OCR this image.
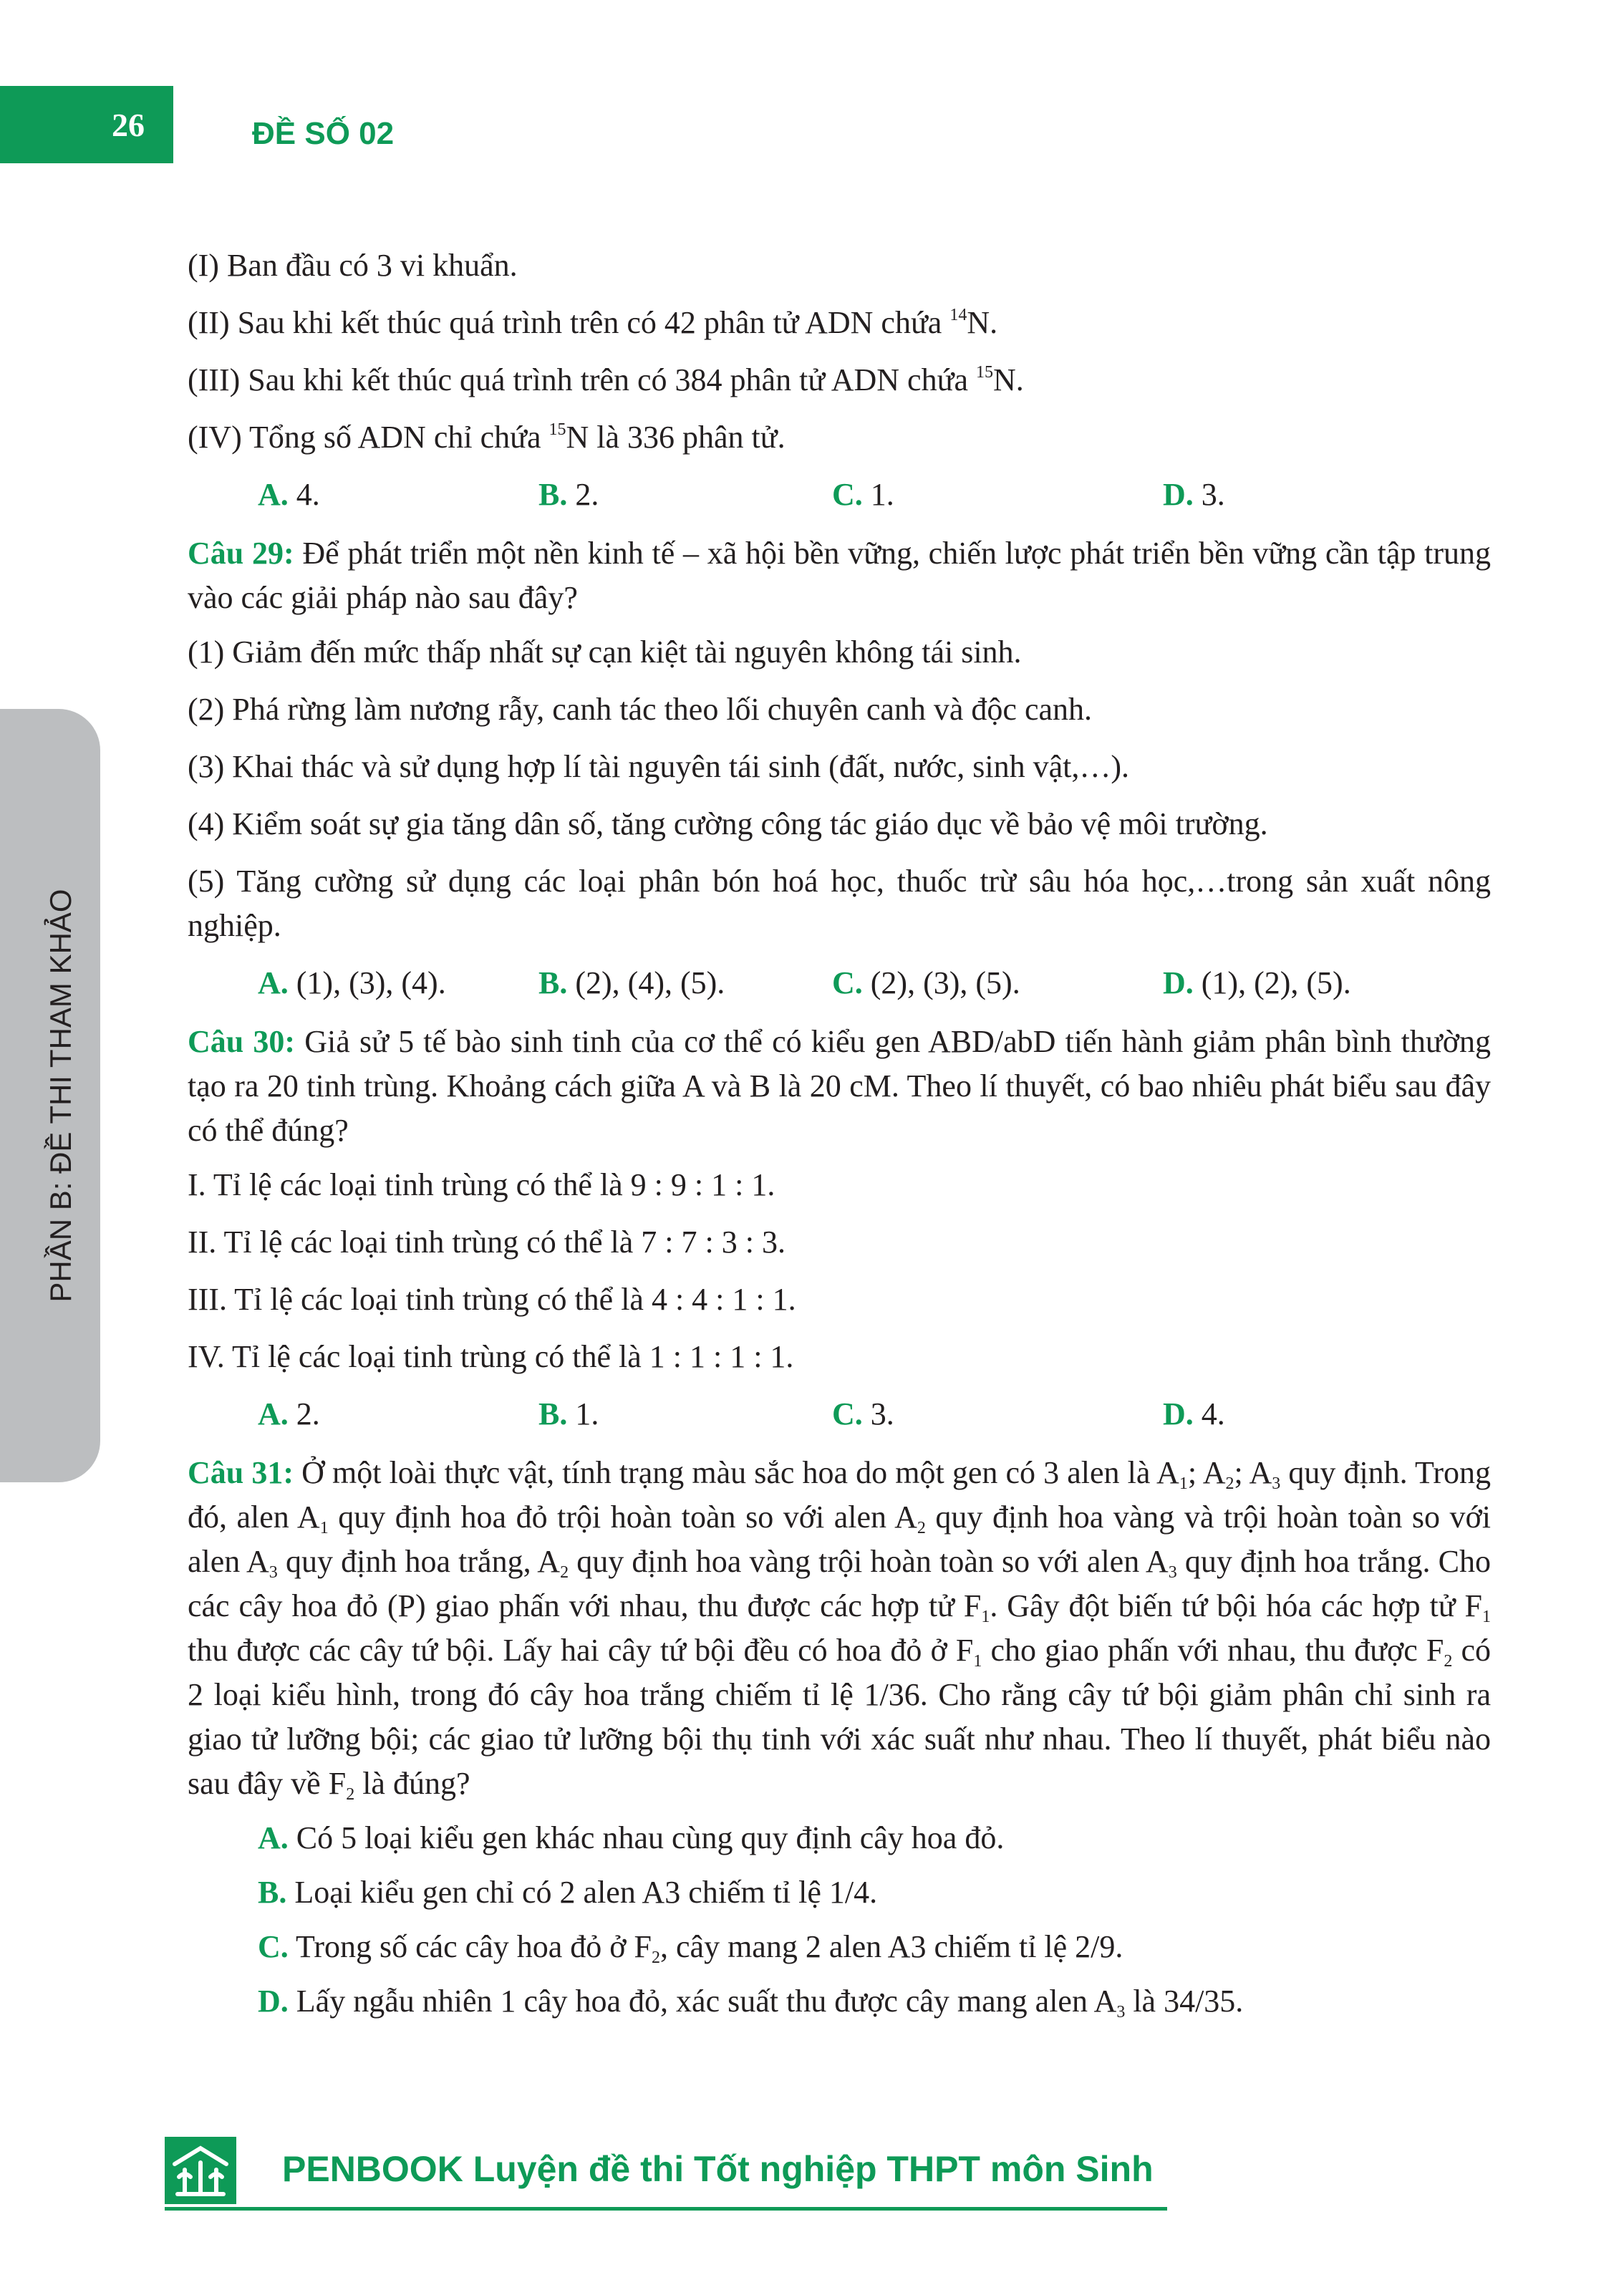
26	ĐỀ SỐ 02
PHẦN B: ĐỀ THI THAM KHẢO
(I) Ban đầu có 3 vi khuẩn.
(II) Sau khi kết thúc quá trình trên có 42 phân tử ADN chứa $^{14}$N.
(III) Sau khi kết thúc quá trình trên có 384 phân tử ADN chứa $^{15}$N.
(IV) Tổng số ADN chỉ chứa $^{15}$N là 336 phân tử.
A. 4.	B. 2.	C. 1.	D. 3.
Câu 29: Để phát triển một nền kinh tế – xã hội bền vững, chiến lược phát triển bền vững cần tập trung vào các giải pháp nào sau đây?
(1) Giảm đến mức thấp nhất sự cạn kiệt tài nguyên không tái sinh.
(2) Phá rừng làm nương rẫy, canh tác theo lối chuyên canh và độc canh.
(3) Khai thác và sử dụng hợp lí tài nguyên tái sinh (đất, nước, sinh vật,…).
(4) Kiểm soát sự gia tăng dân số, tăng cường công tác giáo dục về bảo vệ môi trường.
(5) Tăng cường sử dụng các loại phân bón hoá học, thuốc trừ sâu hóa học,…trong sản xuất nông nghiệp.
A. (1), (3), (4).	B. (2), (4), (5).	C. (2), (3), (5).	D. (1), (2), (5).
Câu 30: Giả sử 5 tế bào sinh tinh của cơ thể có kiểu gen ABD/abD tiến hành giảm phân bình thường tạo ra 20 tinh trùng. Khoảng cách giữa A và B là 20 cM. Theo lí thuyết, có bao nhiêu phát biểu sau đây có thể đúng?
I. Tỉ lệ các loại tinh trùng có thể là 9 : 9 : 1 : 1.
II. Tỉ lệ các loại tinh trùng có thể là 7 : 7 : 3 : 3.
III. Tỉ lệ các loại tinh trùng có thể là 4 : 4 : 1 : 1.
IV. Tỉ lệ các loại tinh trùng có thể là 1 : 1 : 1 : 1.
A. 2.	B. 1.	C. 3.	D. 4.
Câu 31: Ở một loài thực vật, tính trạng màu sắc hoa do một gen có 3 alen là $A_1$; $A_2$; $A_3$ quy định. Trong đó, alen $A_1$ quy định hoa đỏ trội hoàn toàn so với alen $A_2$ quy định hoa vàng và trội hoàn toàn so với alen $A_3$ quy định hoa trắng, $A_2$ quy định hoa vàng trội hoàn toàn so với alen $A_3$ quy định hoa trắng. Cho các cây hoa đỏ (P) giao phấn với nhau, thu được các hợp tử $F_1$. Gây đột biến tứ bội hóa các hợp tử $F_1$ thu được các cây tứ bội. Lấy hai cây tứ bội đều có hoa đỏ ở $F_1$ cho giao phấn với nhau, thu được $F_2$ có 2 loại kiểu hình, trong đó cây hoa trắng chiếm tỉ lệ 1/36. Cho rằng cây tứ bội giảm phân chỉ sinh ra giao tử lưỡng bội; các giao tử lưỡng bội thụ tinh với xác suất như nhau. Theo lí thuyết, phát biểu nào sau đây về $F_2$ là đúng?
A. Có 5 loại kiểu gen khác nhau cùng quy định cây hoa đỏ.
B. Loại kiểu gen chỉ có 2 alen A3 chiếm tỉ lệ 1/4.
C. Trong số các cây hoa đỏ ở $F_2$, cây mang 2 alen A3 chiếm tỉ lệ 2/9.
D. Lấy ngẫu nhiên 1 cây hoa đỏ, xác suất thu được cây mang alen $A_3$ là 34/35.
PENBOOK Luyện đề thi Tốt nghiệp THPT môn Sinh
